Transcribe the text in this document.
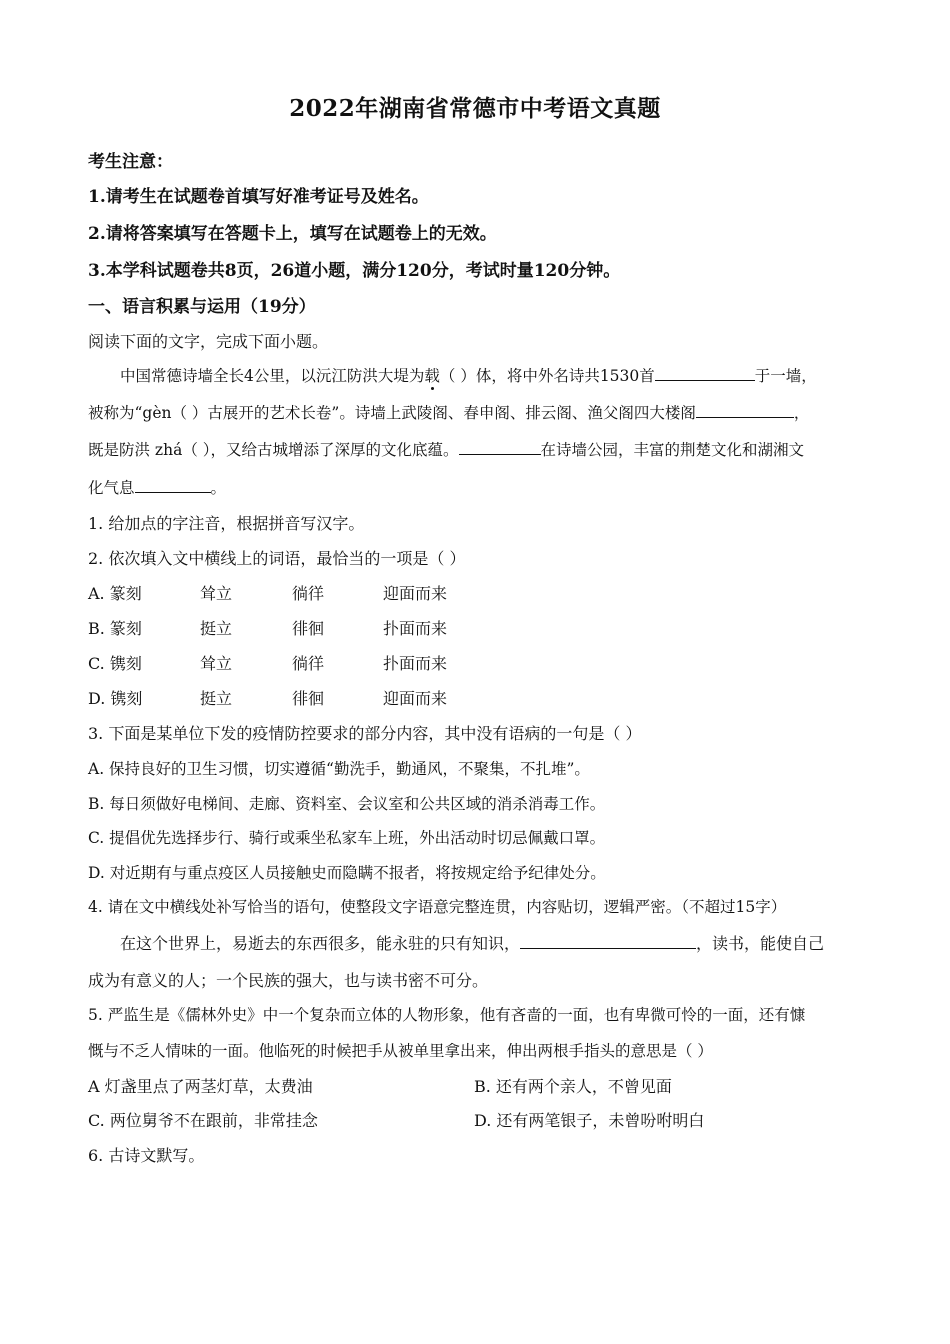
2022年湖南省常德市中考语文真题
考生注意：
1.请考生在试题卷首填写好准考证号及姓名。
2.请将答案填写在答题卡上，填写在试题卷上的无效。
3.本学科试题卷共8页，26道小题，满分120分，考试时量120分钟。
一、语言积累与运用（19分）
阅读下面的文字，完成下面小题。
中国常德诗墙全长4公里，以沅江防洪大堤为载（ ）体，将中外名诗共1530首	于一墙，
被称为“gèn（ ）古展开的艺术长卷”。诗墙上武陵阁、春申阁、排云阁、渔父阁四大楼阁	，
既是防洪 zhá（ ），又给古城增添了深厚的文化底蕴。	在诗墙公园，丰富的荆楚文化和湖湘文
化气息	。
1. 给加点的字注音，根据拼音写汉字。
2. 依次填入文中横线上的词语，最恰当的一项是（ ）
A. 篆刻	耸立	徜徉	迎面而来
B. 篆刻	挺立	徘徊	扑面而来
C. 镌刻	耸立	徜徉	扑面而来
D. 镌刻	挺立	徘徊	迎面而来
3. 下面是某单位下发的疫情防控要求的部分内容，其中没有语病的一句是（ ）
A. 保持良好的卫生习惯，切实遵循“勤洗手，勤通风，不聚集，不扎堆”。
B. 每日须做好电梯间、走廊、资料室、会议室和公共区域的消杀消毒工作。
C. 提倡优先选择步行、骑行或乘坐私家车上班，外出活动时切忌佩戴口罩。
D. 对近期有与重点疫区人员接触史而隐瞒不报者，将按规定给予纪律处分。
4. 请在文中横线处补写恰当的语句，使整段文字语意完整连贯，内容贴切，逻辑严密。（不超过15字）
在这个世界上，易逝去的东西很多，能永驻的只有知识，	，读书，能使自己
成为有意义的人；一个民族的强大，也与读书密不可分。
5. 严监生是《儒林外史》中一个复杂而立体的人物形象，他有吝啬的一面，也有卑微可怜的一面，还有慷
慨与不乏人情味的一面。他临死的时候把手从被单里拿出来，伸出两根手指头的意思是（ ）
A 灯盏里点了两茎灯草，太费油	B. 还有两个亲人，不曾见面
C. 两位舅爷不在跟前，非常挂念	D. 还有两笔银子，未曾吩咐明白
6. 古诗文默写。
